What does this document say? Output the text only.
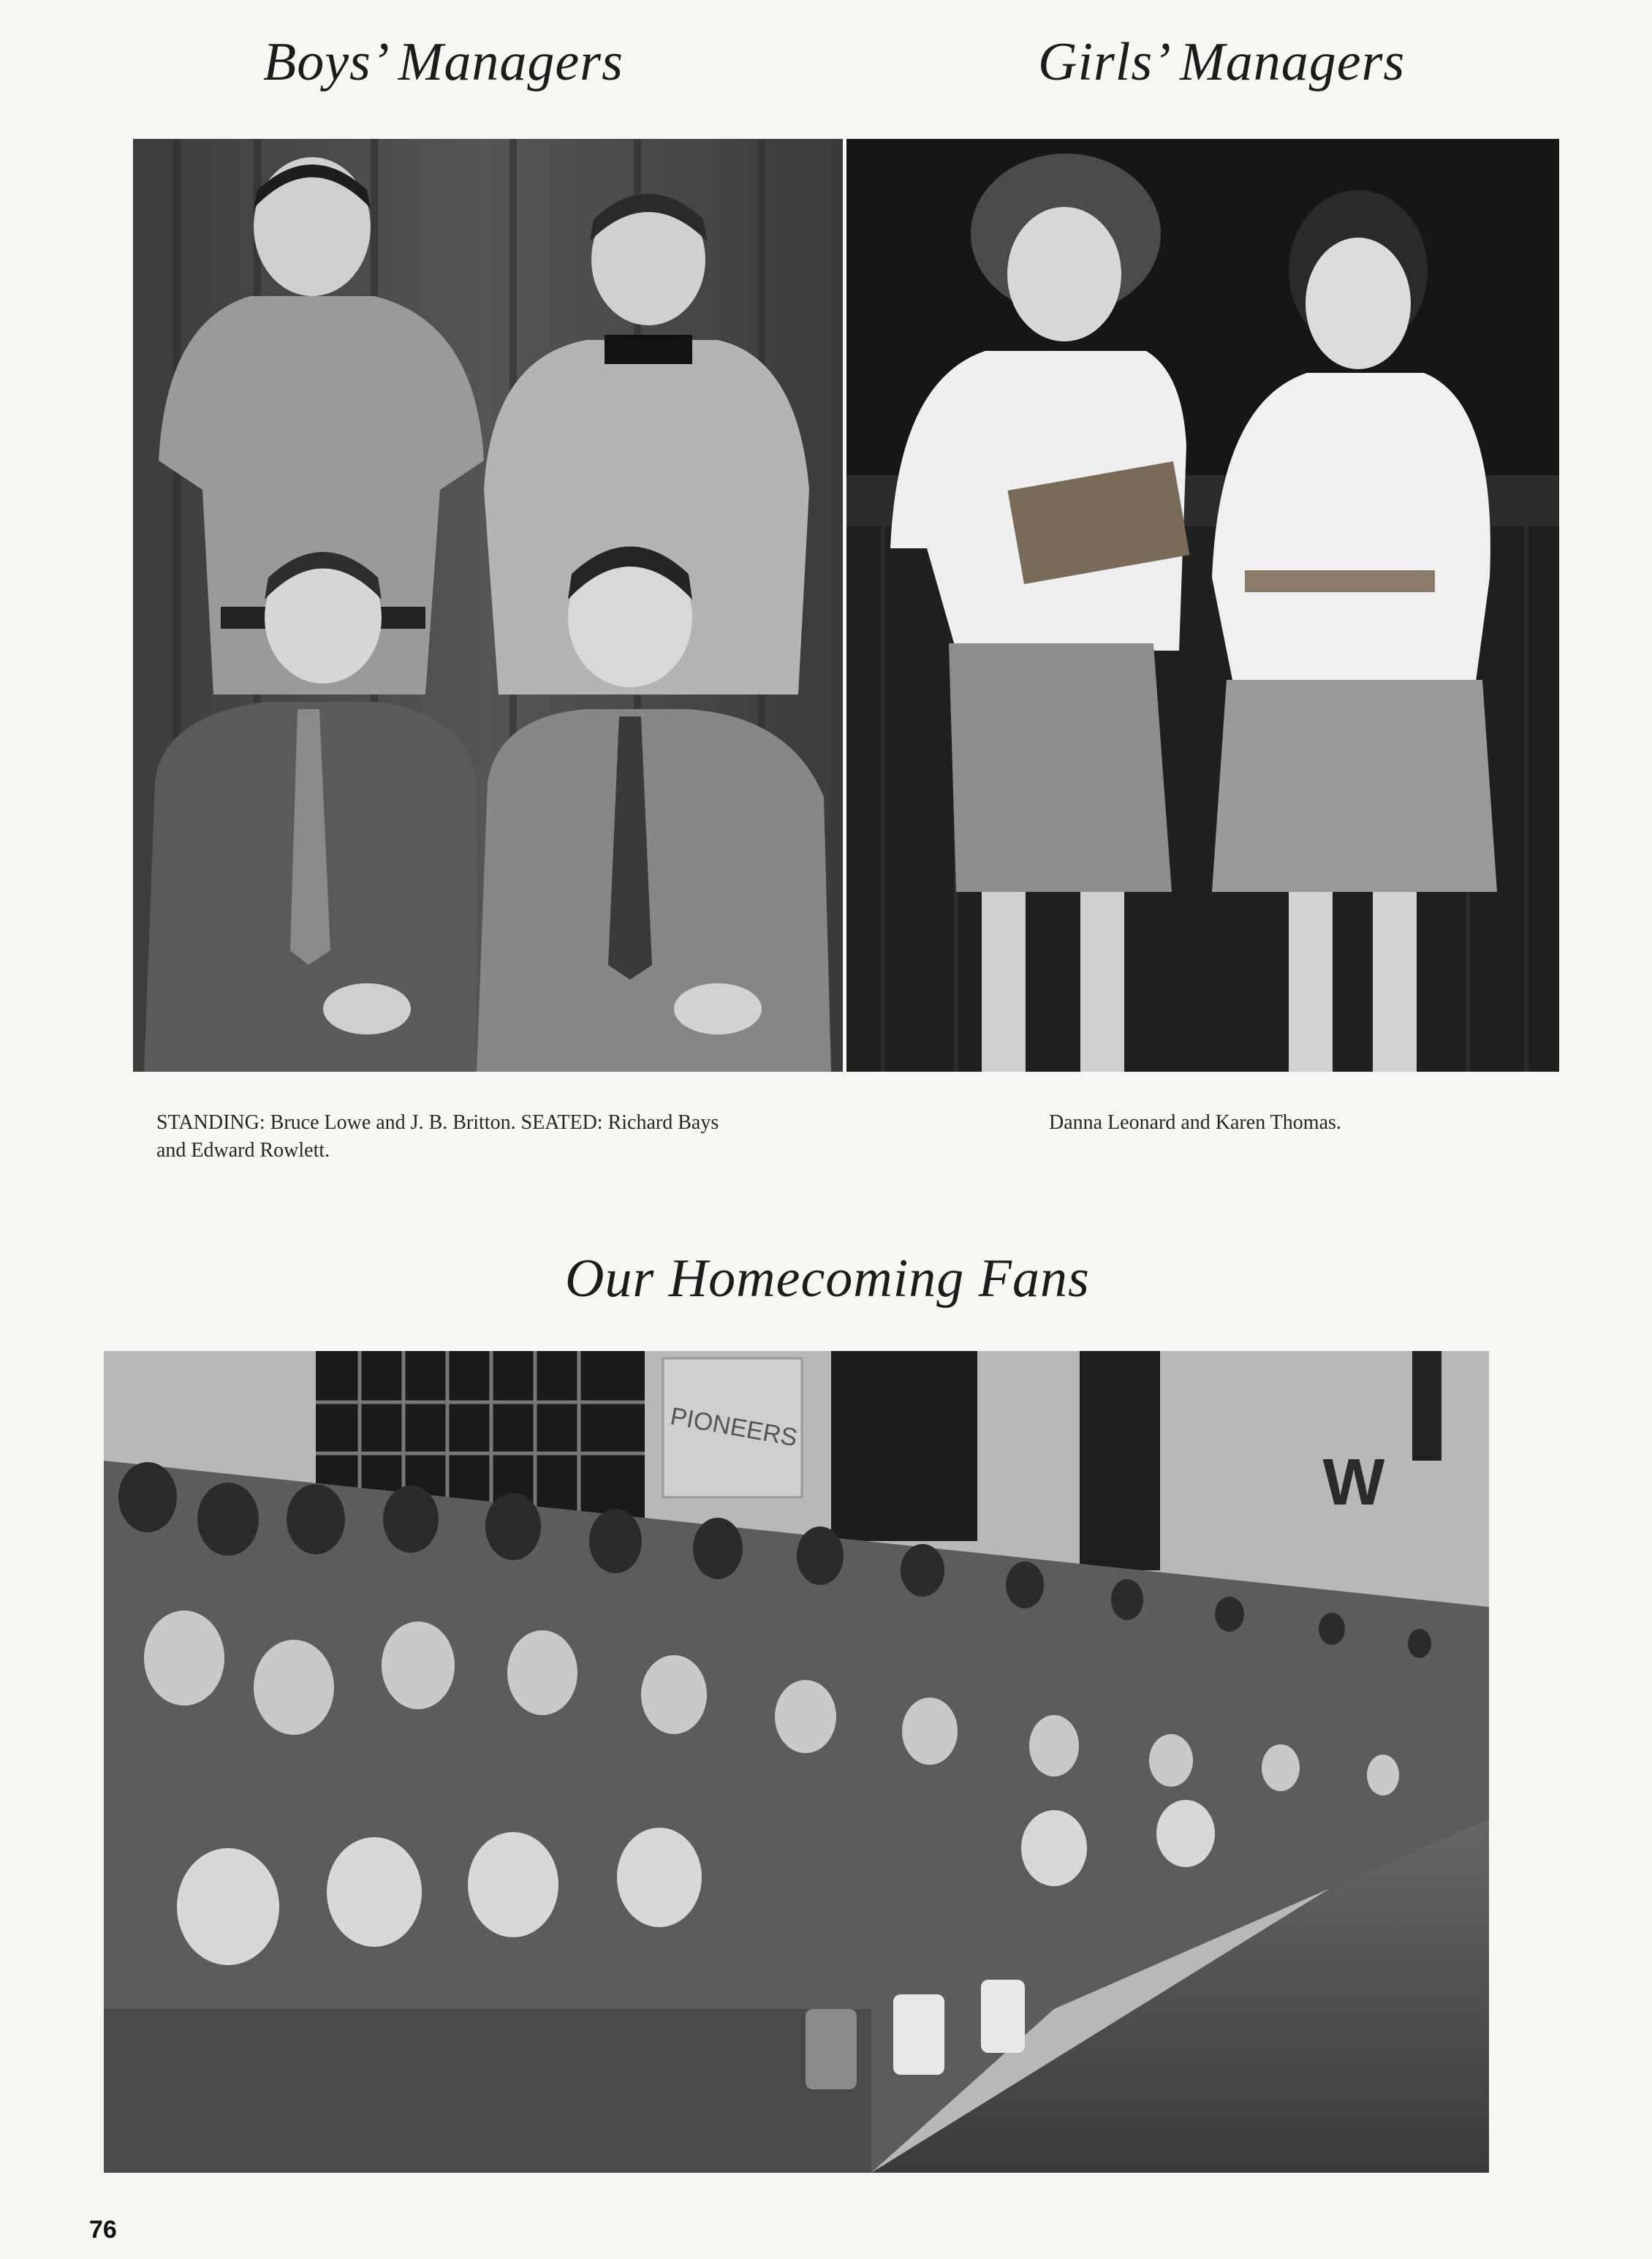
Boys’ Managers	Girls’ Managers
STANDING: Bruce Lowe and J. B. Britton. SEATED: Richard Bays
and Edward Rowlett.
Danna Leonard and Karen Thomas.
Our Homecoming Fans
PIONEERS
W
76
